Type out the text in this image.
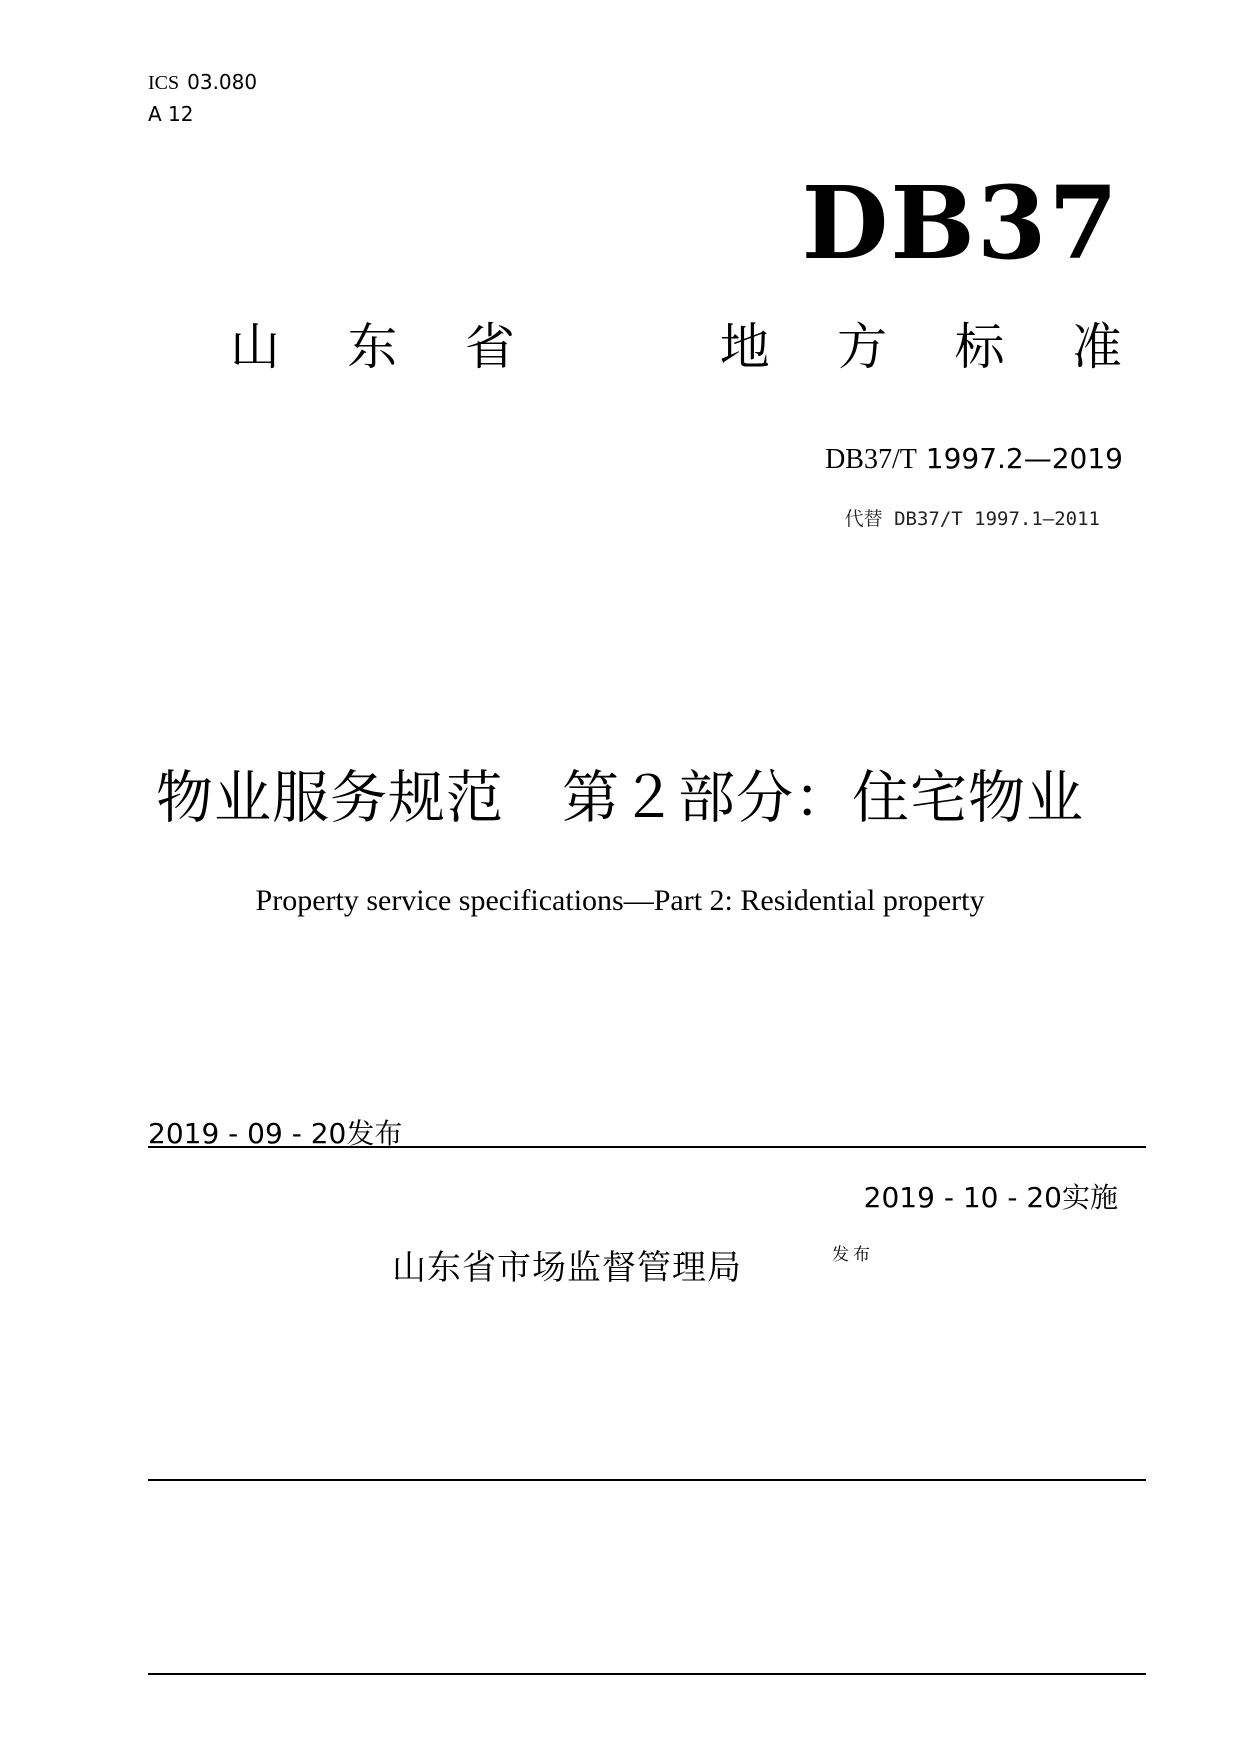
ICS 03.080
A 12
DB37
山 东 省	地 方 标 准
DB37/T 1997.2—2019
代替 DB37/T 1997.1—2011
物业服务规范　第２部分：住宅物业
Property service specifications—Part 2: Residential property
2019 - 09 - 20发布
2019 - 10 - 20实施
山东省市场监督管理局	发布
